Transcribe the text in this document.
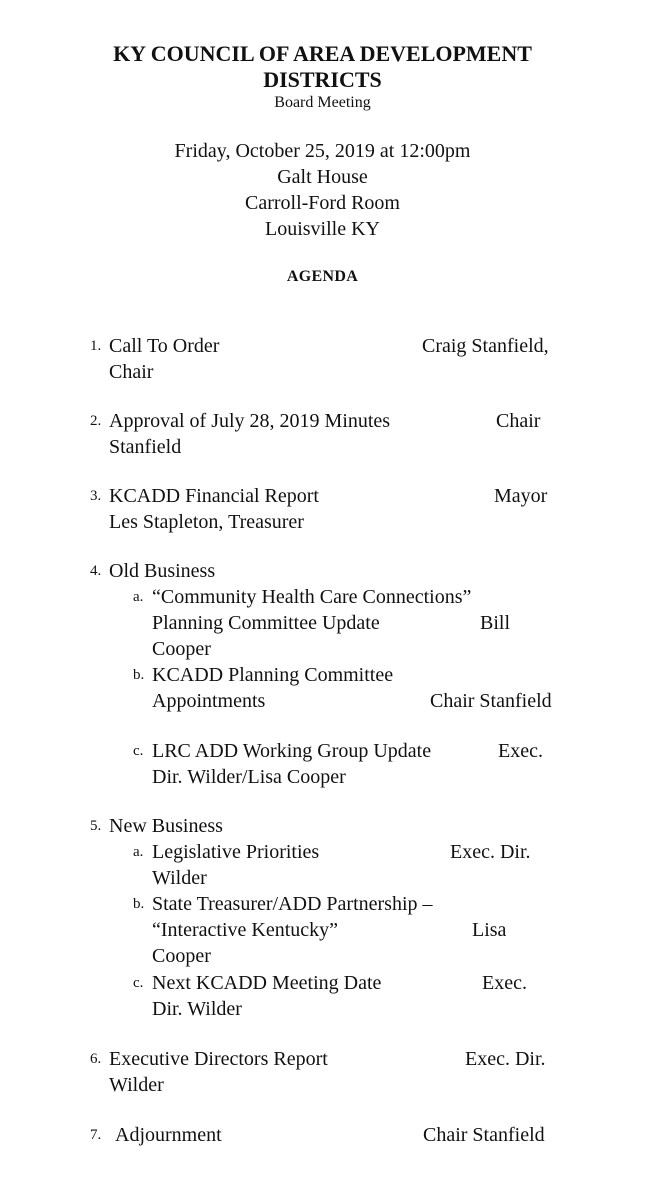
KY COUNCIL OF AREA DEVELOPMENT
DISTRICTS
Board Meeting
Friday, October 25, 2019 at 12:00pm
Galt House
Carroll-Ford Room
Louisville KY
AGENDA
1. Call To Order	Craig Stanfield,
Chair
2. Approval of July 28, 2019 Minutes	Chair
Stanfield
3. KCADD Financial Report	Mayor
Les Stapleton, Treasurer
4. Old Business
a. “Community Health Care Connections”
Planning Committee Update	Bill
Cooper
b. KCADD Planning Committee
Appointments	Chair Stanfield
c. LRC ADD Working Group Update	Exec.
Dir. Wilder/Lisa Cooper
5. New Business
a. Legislative Priorities	Exec. Dir.
Wilder
b. State Treasurer/ADD Partnership –
“Interactive Kentucky”	Lisa
Cooper
c. Next KCADD Meeting Date	Exec.
Dir. Wilder
6. Executive Directors Report	Exec. Dir.
Wilder
7. Adjournment	Chair Stanfield
